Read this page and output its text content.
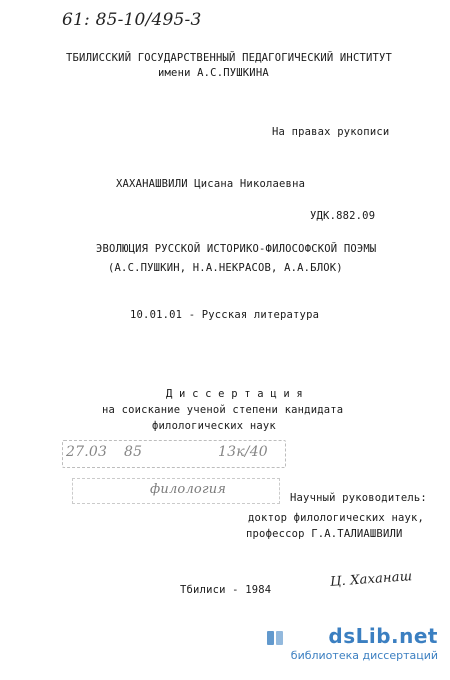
61: 85-10/495-3
ТБИЛИССКИЙ ГОСУДАРСТВЕННЫЙ ПЕДАГОГИЧЕСКИЙ ИНСТИТУТ
имени А.С.ПУШКИНА
На правах рукописи
ХАХАНАШВИЛИ Цисана Николаевна
УДК.882.09
ЭВОЛЮЦИЯ РУССКОЙ ИСТОРИКО-ФИЛОСОФСКОЙ ПОЭМЫ
(А.С.ПУШКИН, Н.А.НЕКРАСОВ, А.А.БЛОК)
10.01.01 - Русская литература
Д и с с е р т а ц и я
на соискание ученой степени кандидата
филологических наук
27.03 85	13к/40
филология
Научный руководитель:
доктор филологических наук,
профессор Г.А.ТАЛИАШВИЛИ
Тбилиси - 1984
Ц. Хаханаш
dsLib.net
библиотека диссертаций
